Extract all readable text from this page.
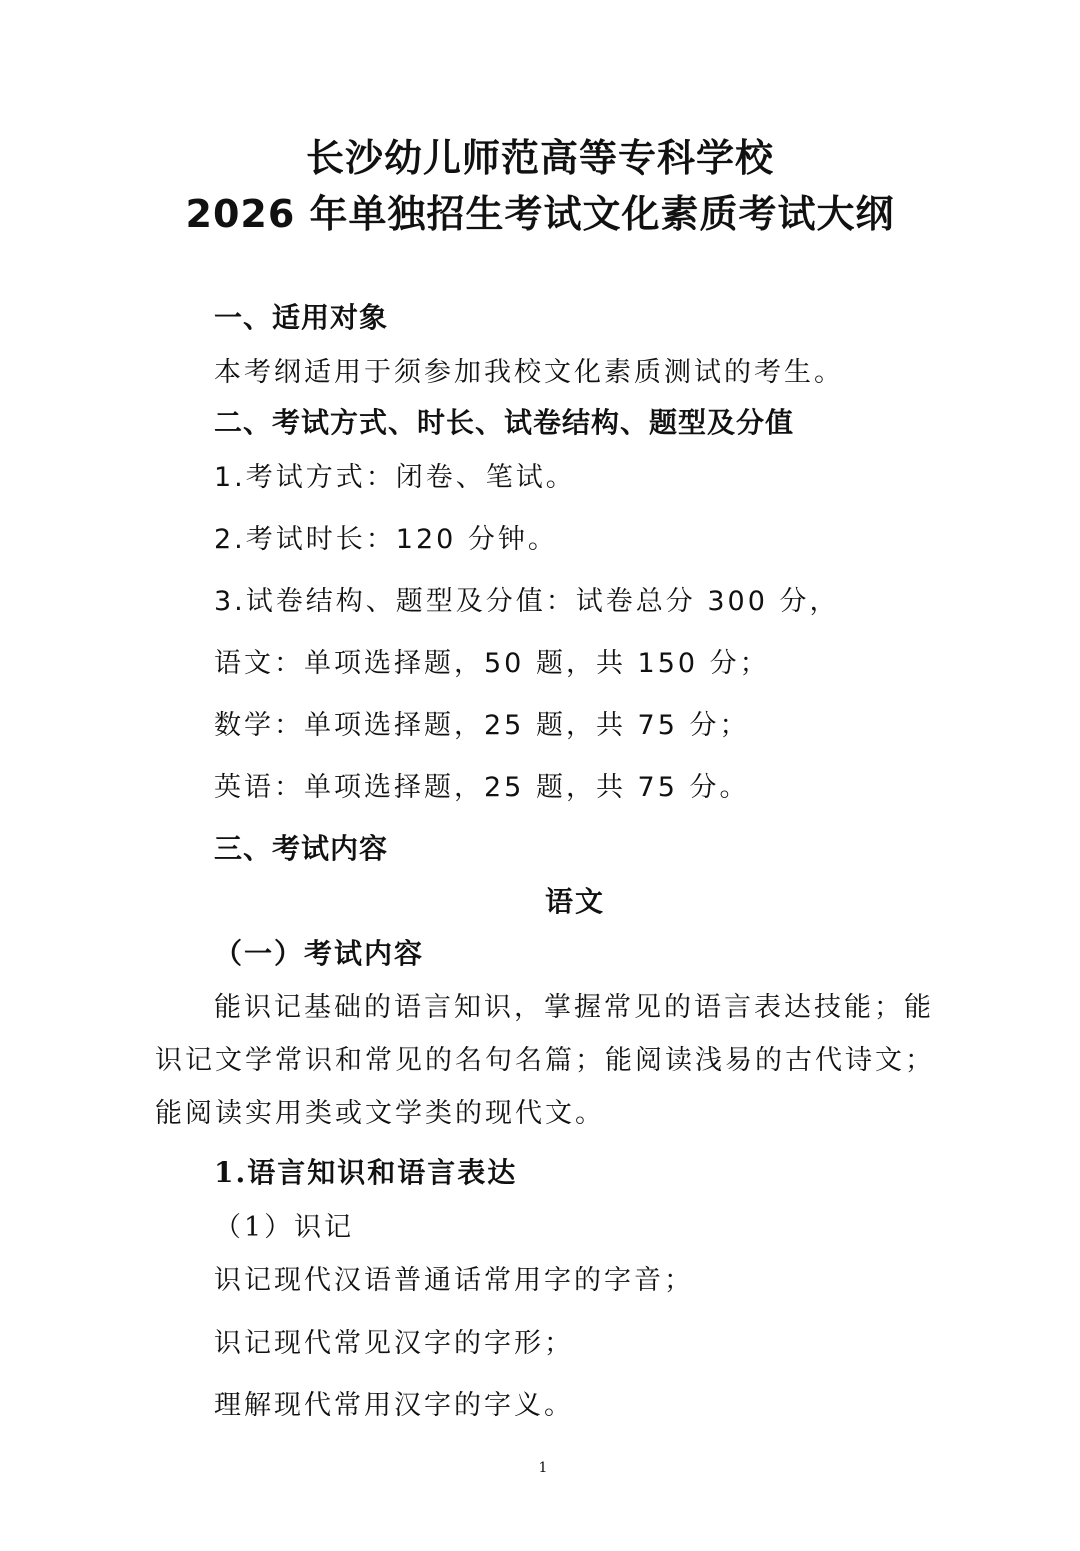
长沙幼儿师范高等专科学校
2026 年单独招生考试文化素质考试大纲
一、适用对象
本考纲适用于须参加我校文化素质测试的考生。
二、考试方式、时长、试卷结构、题型及分值
1.考试方式：闭卷、笔试。
2.考试时长：120 分钟。
3.试卷结构、题型及分值：试卷总分 300 分，
语文：单项选择题，50 题，共 150 分；
数学：单项选择题，25 题，共 75 分；
英语：单项选择题，25 题，共 75 分。
三、考试内容
语文
（一）考试内容
能识记基础的语言知识，掌握常见的语言表达技能；能
识记文学常识和常见的名句名篇；能阅读浅易的古代诗文；
能阅读实用类或文学类的现代文。
1.语言知识和语言表达
（1）识记
识记现代汉语普通话常用字的字音；
识记现代常见汉字的字形；
理解现代常用汉字的字义。
1
